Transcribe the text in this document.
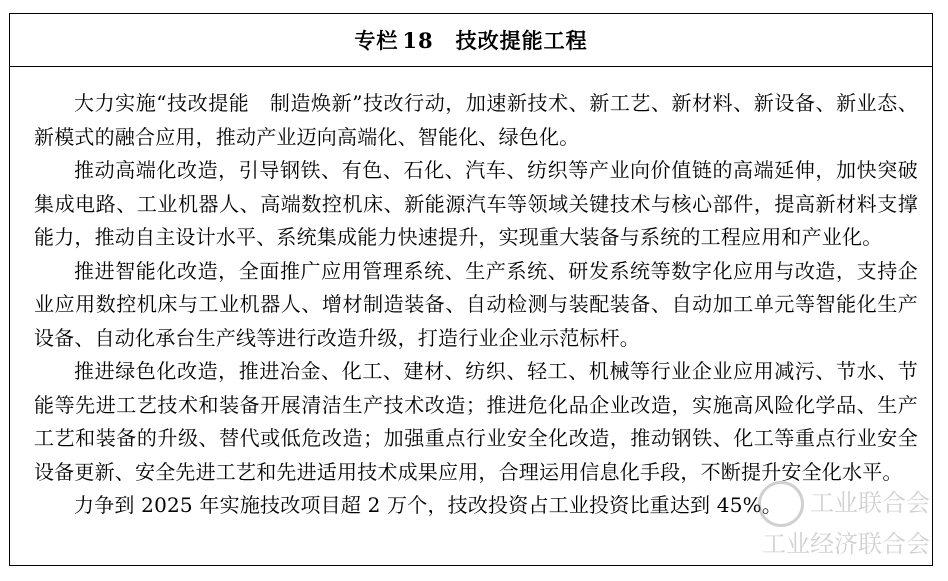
专栏 18 技改提能工程

大力实施“技改提能　制造焕新”技改行动，加速新技术、新工艺、新材料、新设备、新业态、新模式的融合应用，推动产业迈向高端化、智能化、绿色化。

推动高端化改造，引导钢铁、有色、石化、汽车、纺织等产业向价值链的高端延伸，加快突破集成电路、工业机器人、高端数控机床、新能源汽车等领域关键技术与核心部件，提高新材料支撑能力，推动自主设计水平、系统集成能力快速提升，实现重大装备与系统的工程应用和产业化。

推进智能化改造，全面推广应用管理系统、生产系统、研发系统等数字化应用与改造，支持企业应用数控机床与工业机器人、增材制造装备、自动检测与装配装备、自动加工单元等智能化生产设备、自动化承台生产线等进行改造升级，打造行业企业示范标杆。

推进绿色化改造，推进冶金、化工、建材、纺织、轻工、机械等行业企业应用减污、节水、节能等先进工艺技术和装备开展清洁生产技术改造；推进危化品企业改造，实施高风险化学品、生产工艺和装备的升级、替代或低危改造；加强重点行业安全化改造，推动钢铁、化工等重点行业安全设备更新、安全先进工艺和先进适用技术成果应用，合理运用信息化手段，不断提升安全化水平。

力争到 2025 年实施技改项目超 2 万个，技改投资占工业投资比重达到 45%。	工业联合会
工业经济联合会
